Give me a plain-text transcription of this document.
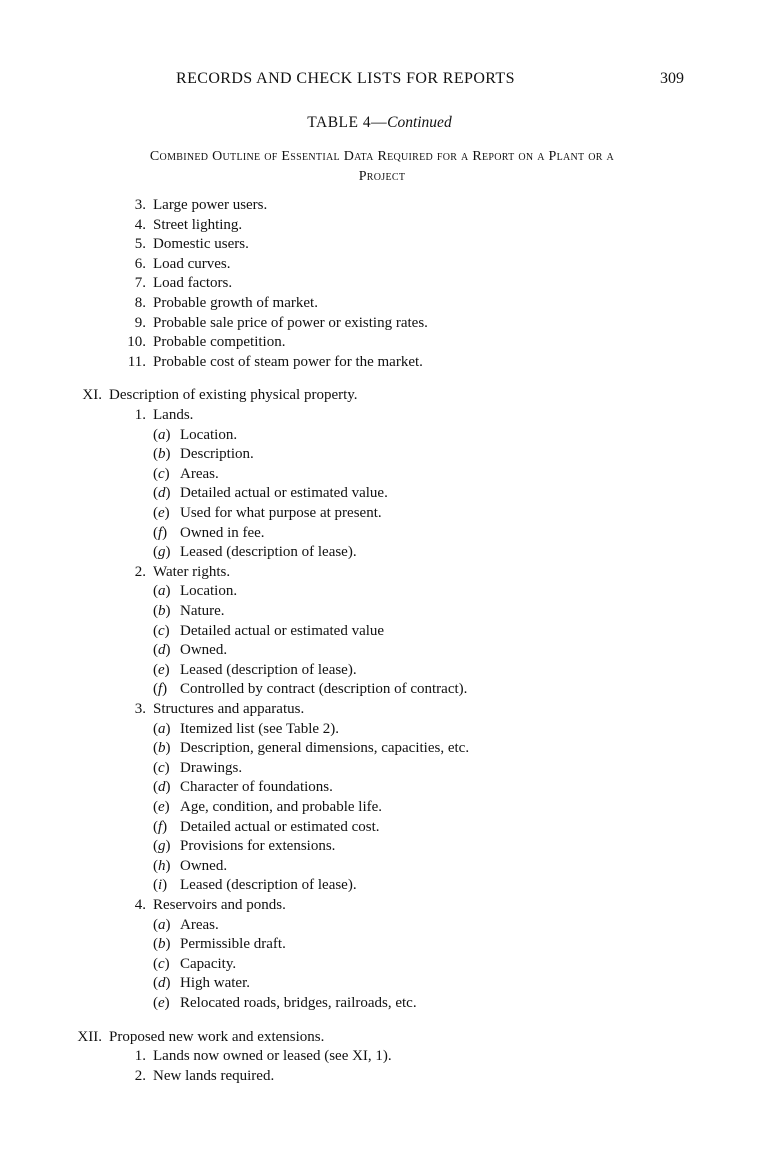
RECORDS AND CHECK LISTS FOR REPORTS	309
TABLE 4—Continued
Combined Outline of Essential Data Required for a Report on a Plant or a
Project
3. Large power users.
4. Street lighting.
5. Domestic users.
6. Load curves.
7. Load factors.
8. Probable growth of market.
9. Probable sale price of power or existing rates.
10. Probable competition.
11. Probable cost of steam power for the market.
XI. Description of existing physical property.
1. Lands.
(a) Location.
(b) Description.
(c) Areas.
(d) Detailed actual or estimated value.
(e) Used for what purpose at present.
(f) Owned in fee.
(g) Leased (description of lease).
2. Water rights.
(a) Location.
(b) Nature.
(c) Detailed actual or estimated value
(d) Owned.
(e) Leased (description of lease).
(f) Controlled by contract (description of contract).
3. Structures and apparatus.
(a) Itemized list (see Table 2).
(b) Description, general dimensions, capacities, etc.
(c) Drawings.
(d) Character of foundations.
(e) Age, condition, and probable life.
(f) Detailed actual or estimated cost.
(g) Provisions for extensions.
(h) Owned.
(i) Leased (description of lease).
4. Reservoirs and ponds.
(a) Areas.
(b) Permissible draft.
(c) Capacity.
(d) High water.
(e) Relocated roads, bridges, railroads, etc.
XII. Proposed new work and extensions.
1. Lands now owned or leased (see XI, 1).
2. New lands required.
